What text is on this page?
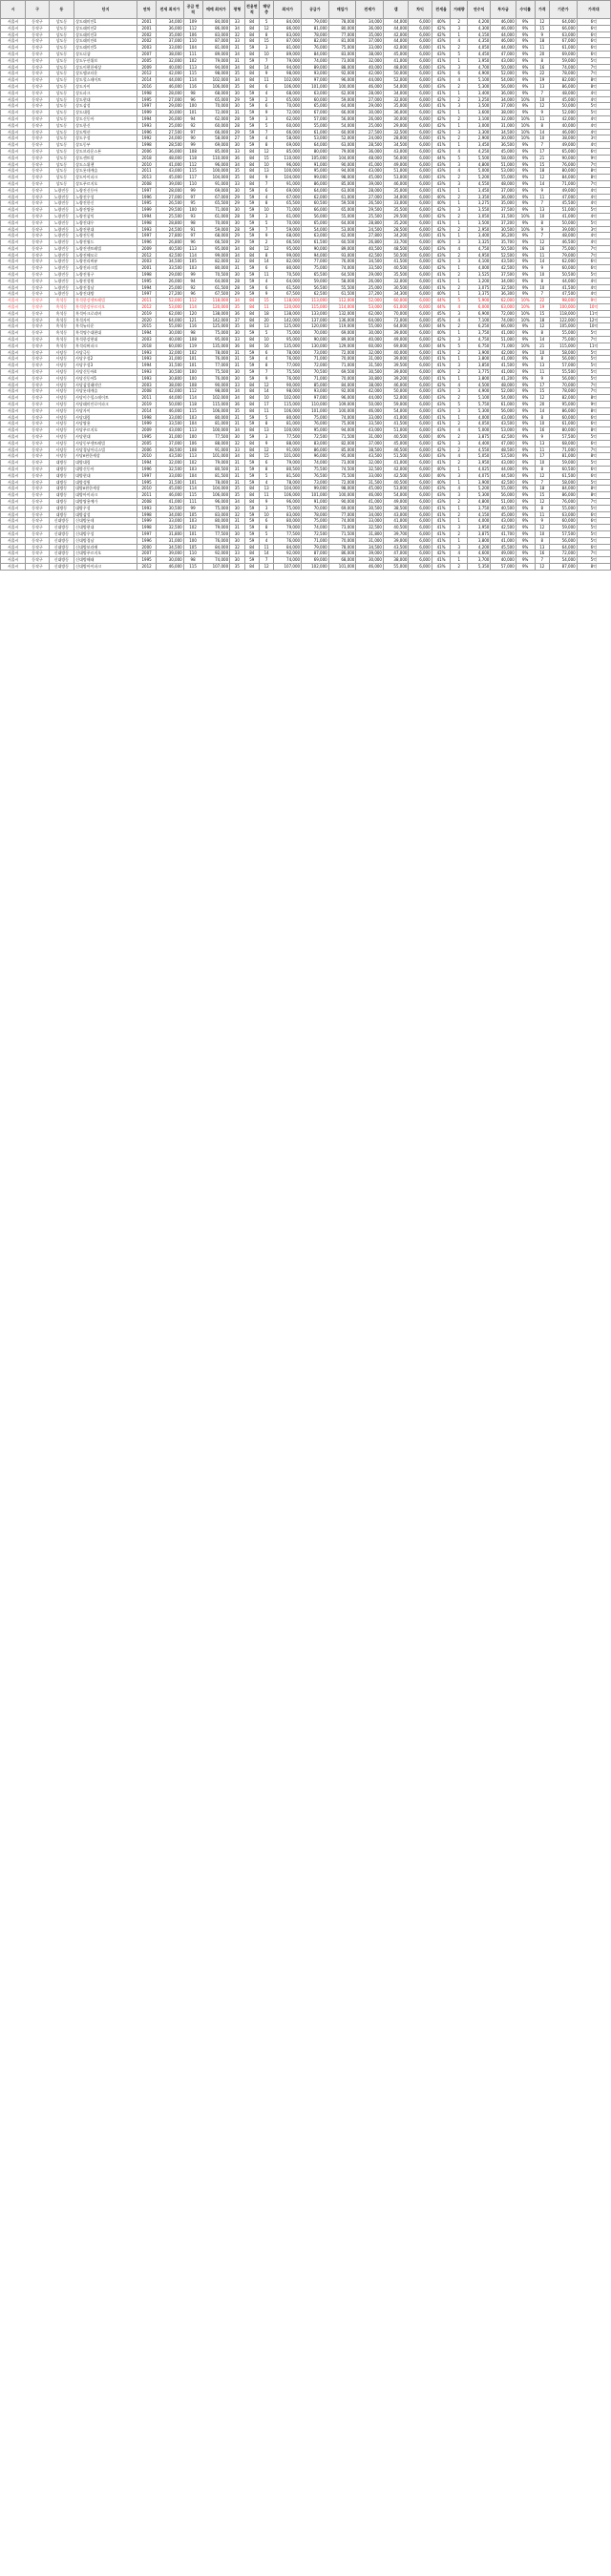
시	구	동	단지	연차	전세 최저가	공급 면적	매매 최저가	평형	전용면적	해당 층	최저가	공급가	매입가	전세가	갭	차익	전세율	거래량	연수익	투자금	수익률	가격	기준가	가격대
서울시	동작구	상도동	상도래미안1	2001	34,000	109	84,000	33	84	5	84,000	79,000	78,000	34,000	44,000	6,000	40%	2	4,200	46,000	9%	12	64,000	6억
서울시	동작구	상도동	상도래미안2	2001	36,000	112	86,000	34	84	12	86,000	81,000	80,000	36,000	44,000	6,000	42%	3	4,300	46,000	9%	15	66,000	6억
서울시	동작구	상도동	상도래미안3	2002	35,000	106	83,000	32	84	8	83,000	78,000	77,000	35,000	42,000	6,000	42%	1	4,150	44,000	9%	9	63,000	6억
서울시	동작구	상도동	상도래미안4	2002	37,000	110	87,000	33	84	15	87,000	82,000	81,000	37,000	44,000	6,000	43%	4	4,350	46,000	9%	18	67,000	6억
서울시	동작구	상도동	상도래미안5	2003	33,000	104	81,000	31	59	3	81,000	76,000	75,000	33,000	42,000	6,000	41%	2	4,050	44,000	9%	11	61,000	6억
서울시	동작구	상도동	상도더샵	2007	38,000	111	89,000	34	84	10	89,000	84,000	83,000	38,000	45,000	6,000	43%	5	4,450	47,000	9%	20	69,000	6억
서울시	동작구	상도동	상도두산위브	2005	32,000	102	79,000	31	59	7	79,000	74,000	73,000	32,000	41,000	6,000	41%	1	3,950	43,000	9%	8	59,000	5억
서울시	동작구	상도동	상도이편한세상	2009	40,000	113	94,000	34	84	14	94,000	89,000	88,000	40,000	48,000	6,000	43%	3	4,700	50,000	9%	16	74,000	7억
서울시	동작구	상도동	상도엠코타운	2012	42,000	115	98,000	35	84	9	98,000	93,000	92,000	42,000	50,000	6,000	43%	6	4,900	52,000	9%	22	78,000	7억
서울시	동작구	상도동	상도힐스테이트	2014	44,000	114	102,000	34	84	11	102,000	97,000	96,000	44,000	52,000	6,000	43%	4	5,100	54,000	9%	19	82,000	8억
서울시	동작구	상도동	상도자이	2016	46,000	116	106,000	35	84	6	106,000	101,000	100,000	46,000	54,000	6,000	43%	2	5,300	56,000	9%	13	86,000	8억
서울시	동작구	상도동	상도파크	1998	28,000	98	68,000	30	59	4	68,000	63,000	62,000	28,000	34,000	6,000	41%	1	3,400	36,000	9%	7	48,000	4억
서울시	동작구	상도동	상도현대	1995	27,000	96	65,000	29	59	2	65,000	60,000	59,000	27,000	32,000	6,000	42%	2	3,250	34,000	10%	10	45,000	4억
서울시	동작구	상도동	상도삼성	1997	29,000	100	70,000	30	59	6	70,000	65,000	64,000	29,000	35,000	6,000	41%	3	3,500	37,000	9%	12	50,000	5억
서울시	동작구	상도동	상도대림	1999	30,000	101	72,000	31	59	9	72,000	67,000	66,000	30,000	36,000	6,000	42%	1	3,600	38,000	9%	9	52,000	5억
서울시	동작구	상도동	상도신동아	1994	26,000	94	62,000	28	59	3	62,000	57,000	56,000	26,000	30,000	6,000	42%	2	3,100	32,000	10%	11	42,000	4억
서울시	동작구	상도동	상도한신	1993	25,000	92	60,000	28	59	5	60,000	55,000	54,000	25,000	29,000	6,000	42%	1	3,000	31,000	10%	8	40,000	4억
서울시	동작구	상도동	상도벽산	1996	27,500	97	66,000	29	59	7	66,000	61,000	60,000	27,500	32,500	6,000	42%	3	3,300	34,500	10%	14	46,000	4억
서울시	동작구	상도동	상도우성	1992	24,000	90	58,000	27	59	4	58,000	53,000	52,000	24,000	28,000	6,000	41%	2	2,900	30,000	10%	10	38,000	3억
서울시	동작구	상도동	상도동부	1998	28,500	99	69,000	30	59	8	69,000	64,000	63,000	28,500	34,500	6,000	41%	1	3,450	36,500	9%	7	49,000	4억
서울시	동작구	상도동	상도브라운스톤	2006	36,000	108	85,000	33	84	12	85,000	80,000	79,000	36,000	43,000	6,000	42%	4	4,250	45,000	9%	17	65,000	6억
서울시	동작구	상도동	상도센트럴	2018	48,000	118	110,000	36	84	15	110,000	105,000	104,000	48,000	56,000	6,000	44%	5	5,500	58,000	9%	21	90,000	9억
서울시	동작구	상도동	상도스위첸	2010	41,000	112	96,000	34	84	10	96,000	91,000	90,000	41,000	49,000	6,000	43%	3	4,800	51,000	9%	15	76,000	7억
서울시	동작구	상도동	상도롯데캐슬	2011	43,000	115	100,000	35	84	13	100,000	95,000	94,000	43,000	51,000	6,000	43%	4	5,000	53,000	9%	18	80,000	8억
서울시	동작구	상도동	상도아이파크	2013	45,000	117	104,000	35	84	9	104,000	99,000	98,000	45,000	53,000	6,000	43%	2	5,200	55,000	9%	12	84,000	8억
서울시	동작구	상도동	상도푸르지오	2008	39,000	110	91,000	33	84	7	91,000	86,000	85,000	39,000	46,000	6,000	43%	3	4,550	48,000	9%	14	71,000	7억
서울시	동작구	노량진동	노량진신동아	1997	28,000	99	69,000	30	59	6	69,000	64,000	63,000	28,000	35,000	6,000	41%	1	3,450	37,000	9%	9	49,000	4억
서울시	동작구	노량진동	노량진우성	1996	27,000	97	67,000	29	59	4	67,000	62,000	61,000	27,000	34,000	6,000	40%	2	3,350	36,000	9%	11	47,000	4억
서울시	동작구	노량진동	노량진한신	1995	26,500	95	65,500	29	59	8	65,500	60,500	59,500	26,500	33,000	6,000	40%	1	3,275	35,000	9%	7	45,500	4억
서울시	동작구	노량진동	노량진쌍용	1999	29,500	100	71,000	30	59	10	71,000	66,000	65,000	29,500	35,500	6,000	42%	3	3,550	37,500	9%	13	51,000	5억
서울시	동작구	노량진동	노량진삼익	1994	25,500	93	61,000	28	59	3	61,000	56,000	55,000	25,500	29,500	6,000	42%	2	3,050	31,500	10%	10	41,000	4억
서울시	동작구	노량진동	노량진대우	1998	28,800	98	70,000	30	59	5	70,000	65,000	64,000	28,800	35,200	6,000	41%	1	3,500	37,200	9%	8	50,000	5억
서울시	동작구	노량진동	노량진현대	1993	24,500	91	59,000	28	59	7	59,000	54,000	53,000	24,500	28,500	6,000	42%	2	2,950	30,500	10%	9	39,000	3억
서울시	동작구	노량진동	노량진동원	1997	27,800	97	68,000	29	59	9	68,000	63,000	62,000	27,800	34,200	6,000	41%	1	3,400	36,200	9%	7	48,000	4억
서울시	동작구	노량진동	노량진월드	1996	26,800	96	66,500	29	59	2	66,500	61,500	60,500	26,800	33,700	6,000	40%	3	3,325	35,700	9%	12	46,500	4억
서울시	동작구	노량진동	노량진센트레빌	2009	40,500	113	95,000	34	84	12	95,000	90,000	89,000	40,500	48,500	6,000	43%	4	4,750	50,500	9%	16	75,000	7억
서울시	동작구	노량진동	노량진해모로	2012	42,500	114	99,000	34	84	8	99,000	94,000	93,000	42,500	50,500	6,000	43%	2	4,950	52,500	9%	11	79,000	7억
서울시	동작구	노량진동	노량진리버뷰	2003	34,500	105	82,000	32	84	14	82,000	77,000	76,000	34,500	41,500	6,000	42%	3	4,100	43,500	9%	14	62,000	6억
서울시	동작구	노량진동	노량진파크빌	2001	33,500	103	80,000	31	59	6	80,000	75,000	74,000	33,500	40,500	6,000	42%	1	4,000	42,500	9%	9	60,000	6억
서울시	동작구	노량진동	노량진청구	1998	29,000	99	70,500	30	59	11	70,500	65,500	64,500	29,000	35,500	6,000	41%	2	3,525	37,500	9%	10	50,500	5억
서울시	동작구	노량진동	노량진성원	1995	26,000	94	64,000	28	59	4	64,000	59,000	58,000	26,000	32,000	6,000	41%	1	3,200	34,000	9%	8	44,000	4억
서울시	동작구	노량진동	노량진경남	1994	25,000	92	61,500	28	59	6	61,500	56,500	55,500	25,000	30,500	6,000	41%	2	3,075	32,500	9%	10	41,500	4억
서울시	동작구	노량진동	노량진대방	1997	27,200	96	67,500	29	59	9	67,500	62,500	61,500	27,200	34,300	6,000	40%	1	3,375	36,300	9%	7	47,500	4억
서울시	동작구	흑석동	흑석한강센트레빌	2011	52,000	112	118,000	34	84	15	118,000	113,000	112,000	52,000	60,000	6,000	44%	5	5,900	62,000	10%	22	98,000	9억
서울시	동작구	흑석동	흑석한강푸르지오	2012	53,000	114	120,000	35	84	11	120,000	115,000	114,000	53,000	61,000	6,000	44%	4	6,000	63,000	10%	19	100,000	10억
서울시	동작구	흑석동	흑석아크로리버	2019	62,000	120	138,000	36	84	18	138,000	133,000	132,000	62,000	70,000	6,000	45%	3	6,900	72,000	10%	15	118,000	11억
서울시	동작구	흑석동	흑석자이	2020	64,000	121	142,000	37	84	20	142,000	137,000	136,000	64,000	72,000	6,000	45%	4	7,100	74,000	10%	18	122,000	12억
서울시	동작구	흑석동	흑석뉴타운	2015	55,000	116	125,000	35	84	13	125,000	120,000	119,000	55,000	64,000	6,000	44%	2	6,250	66,000	9%	12	105,000	10억
서울시	동작구	흑석동	흑석명수대현대	1994	30,000	98	75,000	30	59	5	75,000	70,000	69,000	30,000	39,000	6,000	40%	1	3,750	41,000	9%	8	55,000	5억
서울시	동작구	흑석동	흑석한강현대	2003	40,000	108	95,000	33	84	10	95,000	90,000	89,000	40,000	49,000	6,000	42%	3	4,750	51,000	9%	14	75,000	7억
서울시	동작구	흑석동	흑석리버파크	2018	60,000	119	135,000	36	84	16	135,000	130,000	129,000	60,000	69,000	6,000	44%	5	6,750	71,000	10%	21	115,000	11억
서울시	동작구	사당동	사당극동	1993	32,000	102	78,000	31	59	6	78,000	73,000	72,000	32,000	40,000	6,000	41%	2	3,900	42,000	9%	10	58,000	5억
서울시	동작구	사당동	사당우성2	1993	31,000	101	76,000	31	59	4	76,000	71,000	70,000	31,000	39,000	6,000	41%	1	3,800	41,000	9%	8	56,000	5억
서울시	동작구	사당동	사당우성3	1994	31,500	101	77,000	31	59	8	77,000	72,000	71,000	31,500	39,500	6,000	41%	3	3,850	41,500	9%	13	57,000	5억
서울시	동작구	사당동	사당신동아4	1993	30,500	100	75,500	30	59	7	75,500	70,500	69,500	30,500	39,000	6,000	40%	2	3,775	41,000	9%	11	55,500	5억
서울시	동작구	사당동	사당신동아5	1993	30,800	100	76,000	30	59	9	76,000	71,000	70,000	30,800	39,200	6,000	41%	1	3,800	41,200	9%	9	56,000	5억
서울시	동작구	사당동	사당삼성래미안	2003	38,000	108	90,000	33	84	12	90,000	85,000	84,000	38,000	46,000	6,000	42%	4	4,500	48,000	9%	17	70,000	7억
서울시	동작구	사당동	사당롯데캐슬	2008	42,000	112	98,000	34	84	14	98,000	93,000	92,000	42,000	50,000	6,000	43%	3	4,900	52,000	9%	15	78,000	7억
서울시	동작구	사당동	사당이수힐스테이트	2011	44,000	114	102,000	34	84	10	102,000	97,000	96,000	44,000	52,000	6,000	43%	2	5,100	54,000	9%	12	82,000	8억
서울시	동작구	사당동	사당래미안로이파크	2019	50,000	118	115,000	36	84	17	115,000	110,000	109,000	50,000	59,000	6,000	43%	5	5,750	61,000	9%	20	95,000	9억
서울시	동작구	사당동	사당자이	2014	46,000	115	106,000	35	84	11	106,000	101,000	100,000	46,000	54,000	6,000	43%	3	5,300	56,000	9%	14	86,000	8억
서울시	동작구	사당동	사당대림	1998	33,000	103	80,000	31	59	5	80,000	75,000	74,000	33,000	41,000	6,000	41%	1	4,000	43,000	9%	8	60,000	6억
서울시	동작구	사당동	사당쌍용	1999	33,500	104	81,000	31	59	8	81,000	76,000	75,000	33,500	41,500	6,000	41%	2	4,050	43,500	9%	10	61,000	6억
서울시	동작구	사당동	사당푸르지오	2009	43,000	113	100,000	34	84	13	100,000	95,000	94,000	43,000	51,000	6,000	43%	4	5,000	53,000	9%	16	80,000	8억
서울시	동작구	사당동	사당현대	1995	31,000	100	77,500	30	59	3	77,500	72,500	71,500	31,000	40,500	6,000	40%	2	3,875	42,500	9%	9	57,500	5억
서울시	동작구	사당동	사당동부센트레빌	2005	37,000	106	88,000	32	84	9	88,000	83,000	82,000	37,000	45,000	6,000	42%	3	4,400	47,000	9%	13	68,000	6억
서울시	동작구	사당동	사당경남아너스빌	2006	38,500	108	91,000	33	84	12	91,000	86,000	85,000	38,500	46,500	6,000	42%	2	4,550	48,500	9%	11	71,000	7억
서울시	동작구	사당동	사당e편한세상	2010	43,500	113	101,000	34	84	15	101,000	96,000	95,000	43,500	51,500	6,000	43%	4	5,050	53,500	9%	17	81,000	8억
서울시	동작구	대방동	대방대림	1994	32,000	102	79,000	31	59	6	79,000	74,000	73,000	32,000	41,000	6,000	41%	2	3,950	43,000	9%	10	59,000	5억
서울시	동작구	대방동	대방신동아	1996	32,500	103	80,500	31	59	8	80,500	75,500	74,500	32,500	42,000	6,000	40%	1	4,025	44,000	9%	8	60,500	6억
서울시	동작구	대방동	대방현대	1997	33,000	104	81,500	31	59	5	81,500	76,500	75,500	33,000	42,500	6,000	40%	3	4,075	44,500	9%	12	61,500	6억
서울시	동작구	대방동	대방성원	1995	31,500	101	78,000	31	59	4	78,000	73,000	72,000	31,500	40,500	6,000	40%	1	3,900	42,500	9%	7	58,000	5억
서울시	동작구	대방동	대방e편한세상	2010	45,000	114	104,000	35	84	13	104,000	99,000	98,000	45,000	53,000	6,000	43%	4	5,200	55,000	9%	18	84,000	8억
서울시	동작구	대방동	대방아이파크	2011	46,000	115	106,000	35	84	11	106,000	101,000	100,000	46,000	54,000	6,000	43%	3	5,300	56,000	9%	15	86,000	8억
서울시	동작구	대방동	대방쌍용예가	2008	41,000	111	96,000	34	84	9	96,000	91,000	90,000	41,000	49,000	6,000	43%	2	4,800	51,000	9%	12	76,000	7억
서울시	동작구	대방동	대방우성	1993	30,500	99	75,000	30	59	3	75,000	70,000	69,000	30,500	38,500	6,000	41%	1	3,750	40,500	9%	8	55,000	5억
서울시	동작구	대방동	대방삼성	1998	34,000	105	83,000	32	59	10	83,000	78,000	77,000	34,000	43,000	6,000	41%	2	4,150	45,000	9%	11	63,000	6억
서울시	동작구	신대방동	신대방롯데	1999	33,000	103	80,000	31	59	6	80,000	75,000	74,000	33,000	41,000	6,000	41%	1	4,000	43,000	9%	9	60,000	6억
서울시	동작구	신대방동	신대방현대	1998	32,500	102	79,000	31	59	8	79,000	74,000	73,000	32,500	40,500	6,000	41%	3	3,950	42,500	9%	12	59,000	5억
서울시	동작구	신대방동	신대방우성	1997	31,800	101	77,500	30	59	5	77,500	72,500	71,500	31,800	39,700	6,000	41%	2	3,875	41,700	9%	10	57,500	5억
서울시	동작구	신대방동	신대방경남	1996	31,000	100	76,000	30	59	4	76,000	71,000	70,000	31,000	39,000	6,000	41%	1	3,800	41,000	9%	8	56,000	5억
서울시	동작구	신대방동	신대방보라매	2000	34,500	105	84,000	32	84	11	84,000	79,000	78,000	34,500	43,500	6,000	41%	3	4,200	45,500	9%	13	64,000	6억
서울시	동작구	신대방동	신대방푸르지오	2007	39,000	110	92,000	33	84	14	92,000	87,000	86,000	39,000	47,000	6,000	42%	4	4,600	49,000	9%	16	72,000	7억
서울시	동작구	신대방동	신대방해태	1995	30,000	98	74,000	30	59	7	74,000	69,000	68,000	30,000	38,000	6,000	41%	1	3,700	40,000	9%	7	54,000	5억
서울시	동작구	신대방동	신대방아이파크	2012	46,000	115	107,000	35	84	12	107,000	102,000	101,000	46,000	55,000	6,000	43%	2	5,350	57,000	9%	12	87,000	8억
